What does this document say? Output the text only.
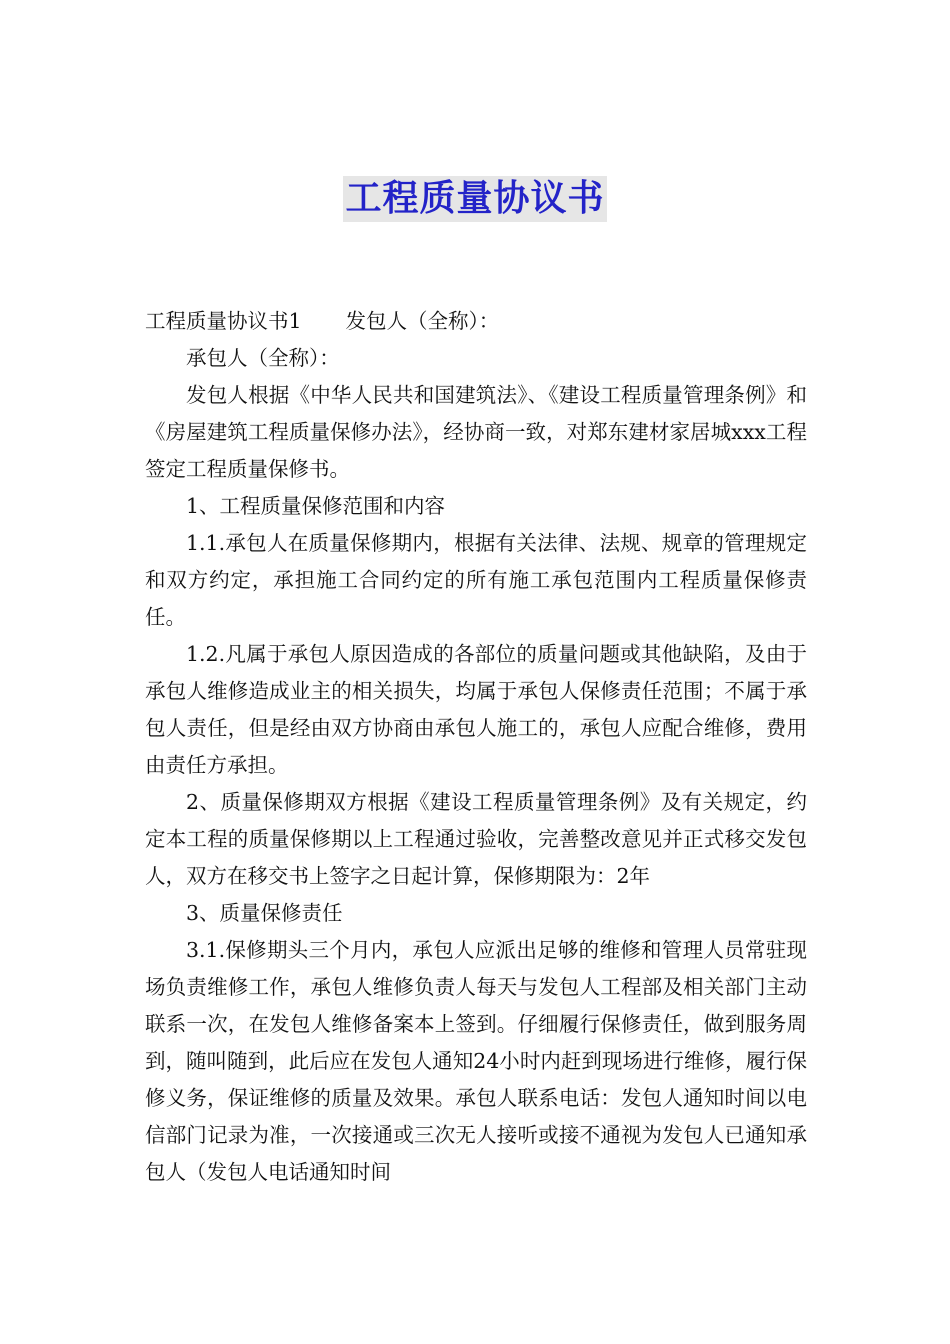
工程质量协议书

工程质量协议书1 发包人（全称）：

承包人（全称）：

发包人根据《中华人民共和国建筑法》、《建设工程质量管理条例》和《房屋建筑工程质量保修办法》，经协商一致，对郑东建材家居城xxx工程签定工程质量保修书。

1、工程质量保修范围和内容

1.1.承包人在质量保修期内，根据有关法律、法规、规章的管理规定和双方约定，承担施工合同约定的所有施工承包范围内工程质量保修责任。

1.2.凡属于承包人原因造成的各部位的质量问题或其他缺陷，及由于承包人维修造成业主的相关损失，均属于承包人保修责任范围；不属于承包人责任，但是经由双方协商由承包人施工的，承包人应配合维修，费用由责任方承担。

2、质量保修期双方根据《建设工程质量管理条例》及有关规定，约定本工程的质量保修期以上工程通过验收，完善整改意见并正式移交发包人，双方在移交书上签字之日起计算，保修期限为：2年

3、质量保修责任

3.1.保修期头三个月内，承包人应派出足够的维修和管理人员常驻现场负责维修工作，承包人维修负责人每天与发包人工程部及相关部门主动联系一次，在发包人维修备案本上签到。仔细履行保修责任，做到服务周到，随叫随到，此后应在发包人通知24小时内赶到现场进行维修，履行保修义务，保证维修的质量及效果。承包人联系电话：发包人通知时间以电信部门记录为准，一次接通或三次无人接听或接不通视为发包人已通知承包人（发包人电话通知时间
